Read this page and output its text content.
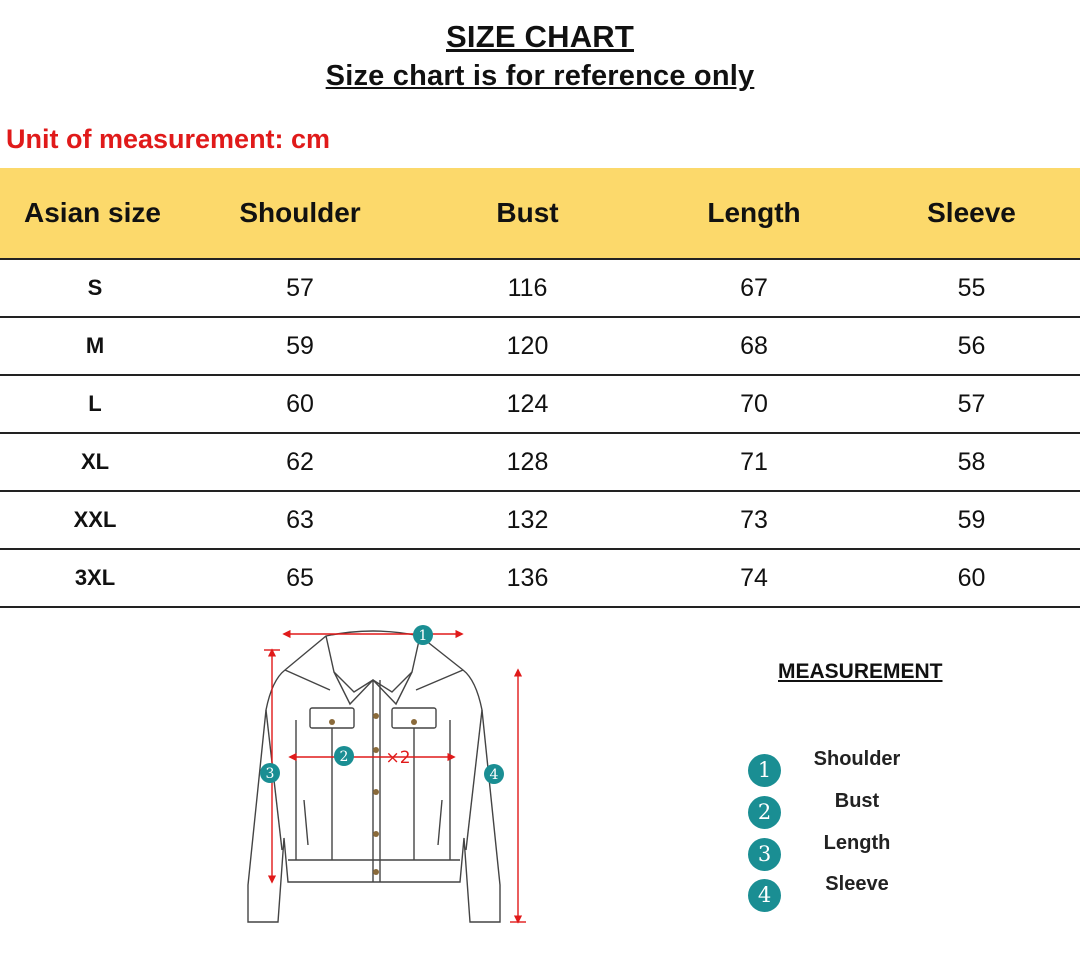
SIZE CHART
Size chart is for reference only
Unit of measurement: cm
Asian size	Shoulder	Bust	Length	Sleeve
S	57	116	67	55
M	59	120	68	56
L	60	124	70	57
XL	62	128	71	58
XXL	63	132	73	59
3XL	65	136	74	60
1
2 ×2
3	4
MEASUREMENT
1	Shoulder
2	Bust
3	Length
4	Sleeve
